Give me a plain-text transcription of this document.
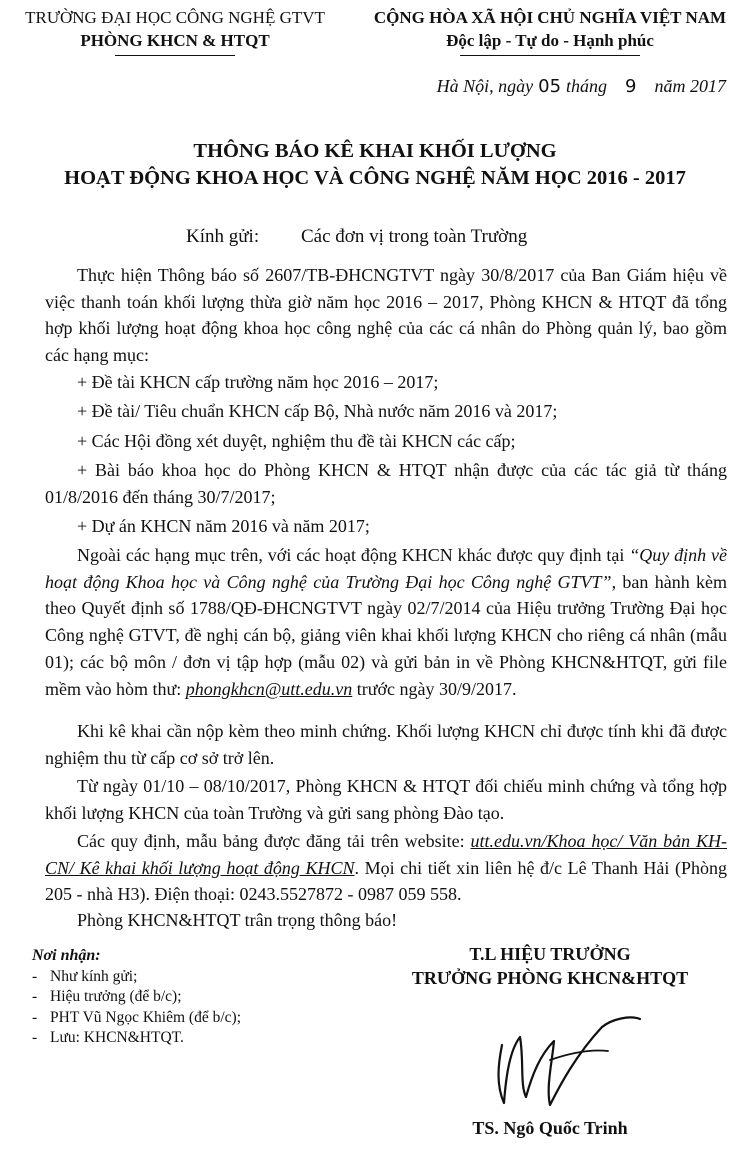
TRƯỜNG ĐẠI HỌC CÔNG NGHỆ GTVT
PHÒNG KHCN & HTQT
CỘNG HÒA XÃ HỘI CHỦ NGHĨA VIỆT NAM
Độc lập - Tự do - Hạnh phúc
Hà Nội, ngày 05 tháng 9 năm 2017
THÔNG BÁO KÊ KHAI KHỐI LƯỢNG
HOẠT ĐỘNG KHOA HỌC VÀ CÔNG NGHỆ NĂM HỌC 2016 - 2017
Kính gửi: Các đơn vị trong toàn Trường
Thực hiện Thông báo số 2607/TB-ĐHCNGTVT ngày 30/8/2017 của Ban Giám hiệu về việc thanh toán khối lượng thừa giờ năm học 2016 – 2017, Phòng KHCN & HTQT đã tổng hợp khối lượng hoạt động khoa học công nghệ của các cá nhân do Phòng quản lý, bao gồm các hạng mục:
+ Đề tài KHCN cấp trường năm học 2016 – 2017;
+ Đề tài/ Tiêu chuẩn KHCN cấp Bộ, Nhà nước năm 2016 và 2017;
+ Các Hội đồng xét duyệt, nghiệm thu đề tài KHCN các cấp;
+ Bài báo khoa học do Phòng KHCN & HTQT nhận được của các tác giả từ tháng 01/8/2016 đến tháng 30/7/2017;
+ Dự án KHCN năm 2016 và năm 2017;
Ngoài các hạng mục trên, với các hoạt động KHCN khác được quy định tại “Quy định về hoạt động Khoa học và Công nghệ của Trường Đại học Công nghệ GTVT”, ban hành kèm theo Quyết định số 1788/QĐ-ĐHCNGTVT ngày 02/7/2014 của Hiệu trưởng Trường Đại học Công nghệ GTVT, đề nghị cán bộ, giảng viên khai khối lượng KHCN cho riêng cá nhân (mẫu 01); các bộ môn / đơn vị tập hợp (mẫu 02) và gửi bản in về Phòng KHCN&HTQT, gửi file mềm vào hòm thư: phongkhcn@utt.edu.vn trước ngày 30/9/2017.
Khi kê khai cần nộp kèm theo minh chứng. Khối lượng KHCN chỉ được tính khi đã được nghiệm thu từ cấp cơ sở trở lên.
Từ ngày 01/10 – 08/10/2017, Phòng KHCN & HTQT đối chiếu minh chứng và tổng hợp khối lượng KHCN của toàn Trường và gửi sang phòng Đào tạo.
Các quy định, mẫu bảng được đăng tải trên website: utt.edu.vn/Khoa học/ Văn bản KH-CN/ Kê khai khối lượng hoạt động KHCN. Mọi chi tiết xin liên hệ đ/c Lê Thanh Hải (Phòng 205 - nhà H3). Điện thoại: 0243.5527872 - 0987 059 558.
Phòng KHCN&HTQT trân trọng thông báo!
Nơi nhận:
- Như kính gửi;
- Hiệu trưởng (để b/c);
- PHT Vũ Ngọc Khiêm (để b/c);
- Lưu: KHCN&HTQT.
T.L HIỆU TRƯỞNG
TRƯỞNG PHÒNG KHCN&HTQT
TS. Ngô Quốc Trinh
